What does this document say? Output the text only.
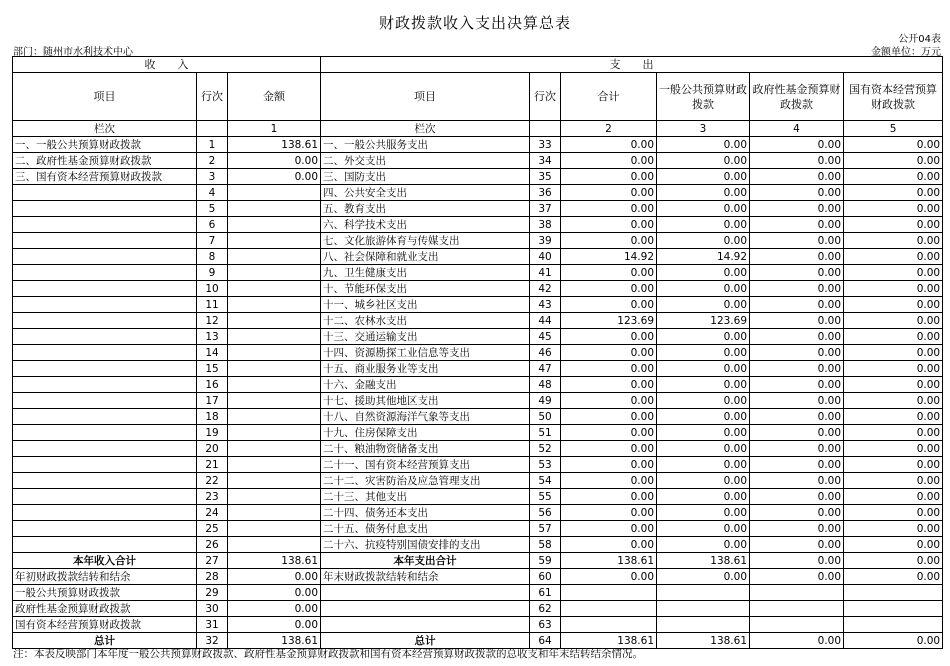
财政拨款收入支出决算总表
公开04表
部门：随州市水利技术中心	金额单位：万元
收　　入			支　　出					
项目	行次	金额	项目	行次	合计	一般公共预算财政拨款	政府性基金预算财政拨款	国有资本经营预算财政拨款
栏次		1	栏次		2	3	4	5
一、一般公共预算财政拨款	1	138.61	一、一般公共服务支出	33	0.00	0.00	0.00	0.00
二、政府性基金预算财政拨款	2	0.00	二、外交支出	34	0.00	0.00	0.00	0.00
三、国有资本经营预算财政拨款	3	0.00	三、国防支出	35	0.00	0.00	0.00	0.00
	4		四、公共安全支出	36	0.00	0.00	0.00	0.00
	5		五、教育支出	37	0.00	0.00	0.00	0.00
	6		六、科学技术支出	38	0.00	0.00	0.00	0.00
	7		七、文化旅游体育与传媒支出	39	0.00	0.00	0.00	0.00
	8		八、社会保障和就业支出	40	14.92	14.92	0.00	0.00
	9		九、卫生健康支出	41	0.00	0.00	0.00	0.00
	10		十、节能环保支出	42	0.00	0.00	0.00	0.00
	11		十一、城乡社区支出	43	0.00	0.00	0.00	0.00
	12		十二、农林水支出	44	123.69	123.69	0.00	0.00
	13		十三、交通运输支出	45	0.00	0.00	0.00	0.00
	14		十四、资源勘探工业信息等支出	46	0.00	0.00	0.00	0.00
	15		十五、商业服务业等支出	47	0.00	0.00	0.00	0.00
	16		十六、金融支出	48	0.00	0.00	0.00	0.00
	17		十七、援助其他地区支出	49	0.00	0.00	0.00	0.00
	18		十八、自然资源海洋气象等支出	50	0.00	0.00	0.00	0.00
	19		十九、住房保障支出	51	0.00	0.00	0.00	0.00
	20		二十、粮油物资储备支出	52	0.00	0.00	0.00	0.00
	21		二十一、国有资本经营预算支出	53	0.00	0.00	0.00	0.00
	22		二十二、灾害防治及应急管理支出	54	0.00	0.00	0.00	0.00
	23		二十三、其他支出	55	0.00	0.00	0.00	0.00
	24		二十四、债务还本支出	56	0.00	0.00	0.00	0.00
	25		二十五、债务付息支出	57	0.00	0.00	0.00	0.00
	26		二十六、抗疫特别国债安排的支出	58	0.00	0.00	0.00	0.00
本年收入合计	27	138.61	本年支出合计	59	138.61	138.61	0.00	0.00
年初财政拨款结转和结余	28	0.00	年末财政拨款结转和结余	60	0.00	0.00	0.00	0.00
一般公共预算财政拨款	29	0.00		61				
政府性基金预算财政拨款	30	0.00		62				
国有资本经营预算财政拨款	31	0.00		63				
总计	32	138.61	总计	64	138.61	138.61	0.00	0.00
注：本表反映部门本年度一般公共预算财政拨款、政府性基金预算财政拨款和国有资本经营预算财政拨款的总收支和年末结转结余情况。
